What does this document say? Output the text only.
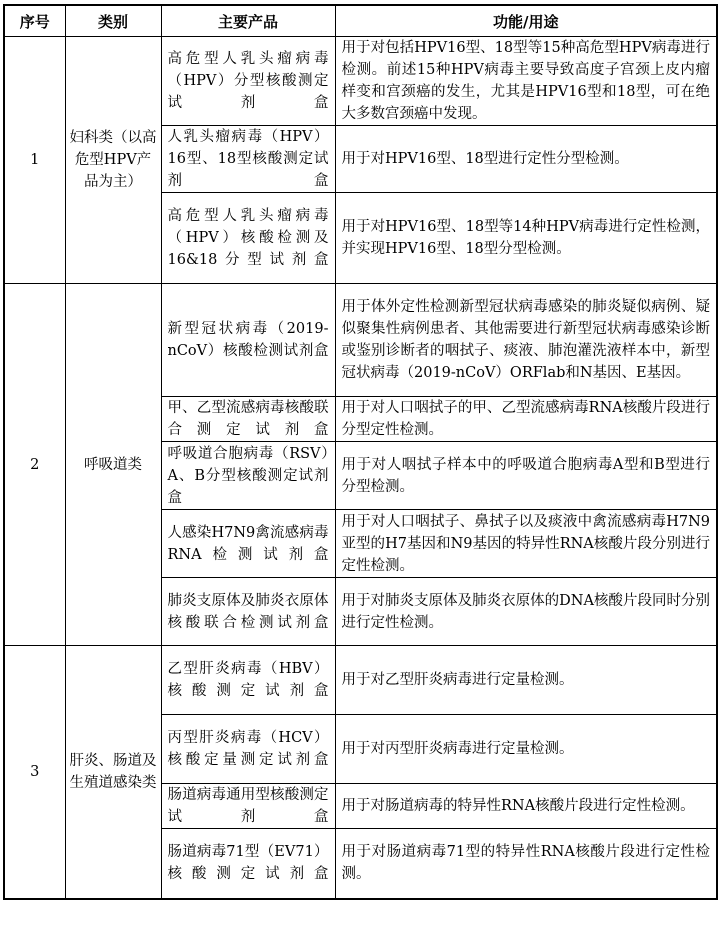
序号	类别	主要产品	功能/用途
1	妇科类（以高危型HPV产品为主）	高危型人乳头瘤病毒（HPV）分型核酸测定试剂盒	用于对包括HPV16型、18型等15种高危型HPV病毒进行检测。前述15种HPV病毒主要导致高度子宫颈上皮内瘤样变和宫颈癌的发生，尤其是HPV16型和18型，可在绝大多数宫颈癌中发现。
		人乳头瘤病毒（HPV）16型、18型核酸测定试剂盒	用于对HPV16型、18型进行定性分型检测。
		高危型人乳头瘤病毒（HPV）核酸检测及16&18分型试剂盒	用于对HPV16型、18型等14种HPV病毒进行定性检测，并实现HPV16型、18型分型检测。
2	呼吸道类	新型冠状病毒（2019-nCoV）核酸检测试剂盒	用于体外定性检测新型冠状病毒感染的肺炎疑似病例、疑似聚集性病例患者、其他需要进行新型冠状病毒感染诊断或鉴别诊断者的咽拭子、痰液、肺泡灌洗液样本中，新型冠状病毒（2019-nCoV）ORFlab和N基因、E基因。
		甲、乙型流感病毒核酸联合测定试剂盒	用于对人口咽拭子的甲、乙型流感病毒RNA核酸片段进行分型定性检测。
		呼吸道合胞病毒（RSV）A、B分型核酸测定试剂盒	用于对人咽拭子样本中的呼吸道合胞病毒A型和B型进行分型检测。
		人感染H7N9禽流感病毒RNA检测试剂盒	用于对人口咽拭子、鼻拭子以及痰液中禽流感病毒H7N9亚型的H7基因和N9基因的特异性RNA核酸片段分别进行定性检测。
		肺炎支原体及肺炎衣原体核酸联合检测试剂盒	用于对肺炎支原体及肺炎衣原体的DNA核酸片段同时分别进行定性检测。
3	肝炎、肠道及生殖道感染类	乙型肝炎病毒（HBV）核酸测定试剂盒	用于对乙型肝炎病毒进行定量检测。
		丙型肝炎病毒（HCV）核酸定量测定试剂盒	用于对丙型肝炎病毒进行定量检测。
		肠道病毒通用型核酸测定试剂盒	用于对肠道病毒的特异性RNA核酸片段进行定性检测。
		肠道病毒71型（EV71）核酸测定试剂盒	用于对肠道病毒71型的特异性RNA核酸片段进行定性检测。
